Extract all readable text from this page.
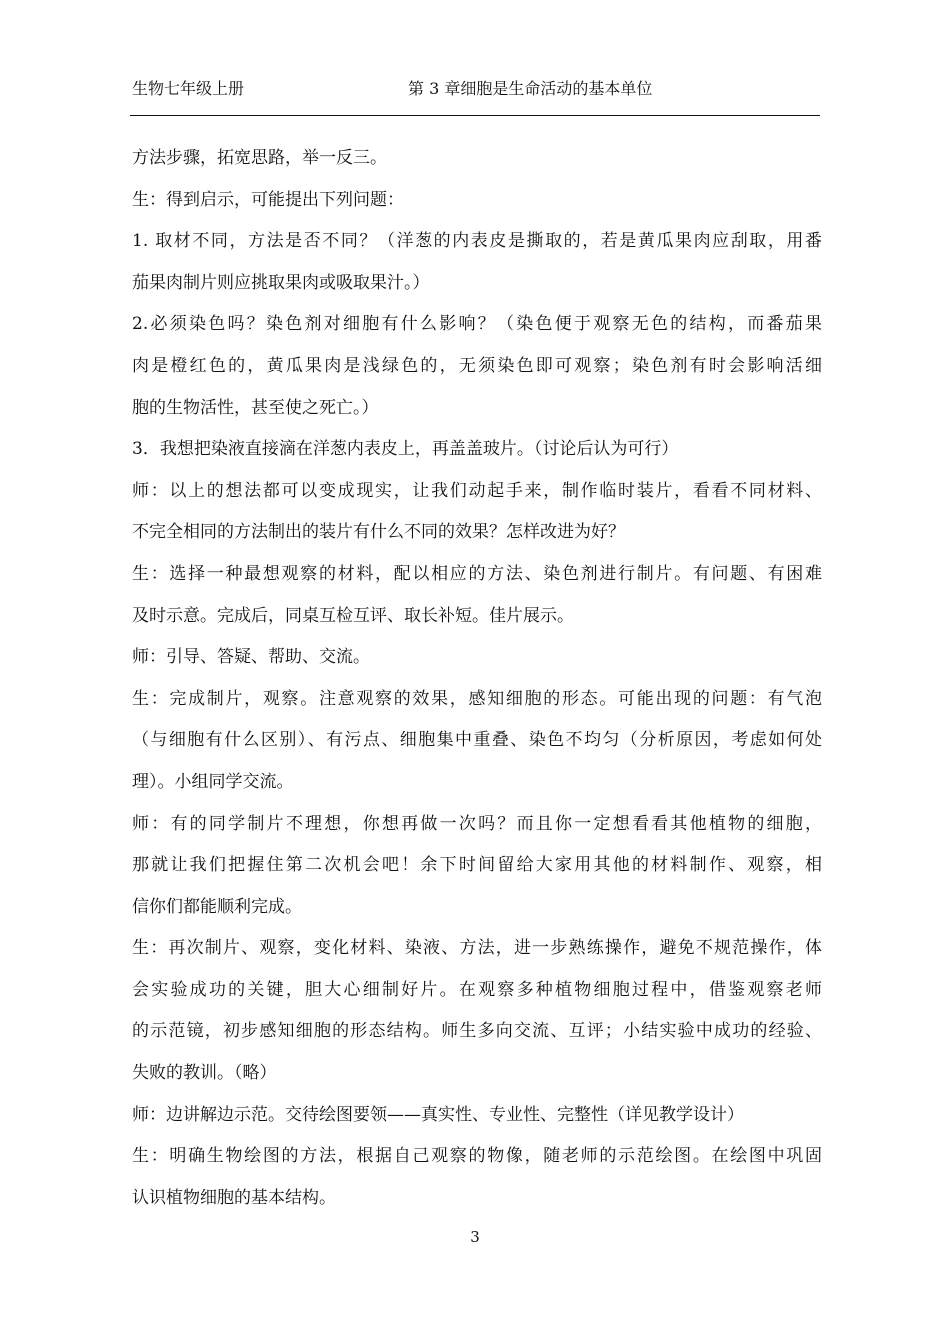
生物七年级上册	第 3 章细胞是生命活动的基本单位
方法步骤，拓宽思路，举一反三。
生：得到启示，可能提出下列问题：
1. 取材不同，方法是否不同？（洋葱的内表皮是撕取的，若是黄瓜果肉应刮取，用番
茄果肉制片则应挑取果肉或吸取果汁。）
2.必须染色吗？染色剂对细胞有什么影响？（染色便于观察无色的结构，而番茄果
肉是橙红色的，黄瓜果肉是浅绿色的，无须染色即可观察；染色剂有时会影响活细
胞的生物活性，甚至使之死亡。）
3．我想把染液直接滴在洋葱内表皮上，再盖盖玻片。（讨论后认为可行）
师：以上的想法都可以变成现实，让我们动起手来，制作临时装片，看看不同材料、
不完全相同的方法制出的装片有什么不同的效果？怎样改进为好？
生：选择一种最想观察的材料，配以相应的方法、染色剂进行制片。有问题、有困难
及时示意。完成后，同桌互检互评、取长补短。佳片展示。
师：引导、答疑、帮助、交流。
生：完成制片，观察。注意观察的效果，感知细胞的形态。可能出现的问题：有气泡
（与细胞有什么区别）、有污点、细胞集中重叠、染色不均匀（分析原因，考虑如何处
理）。小组同学交流。
师：有的同学制片不理想，你想再做一次吗？而且你一定想看看其他植物的细胞，
那就让我们把握住第二次机会吧！余下时间留给大家用其他的材料制作、观察，相
信你们都能顺利完成。
生：再次制片、观察，变化材料、染液、方法，进一步熟练操作，避免不规范操作，体
会实验成功的关键，胆大心细制好片。在观察多种植物细胞过程中，借鉴观察老师
的示范镜，初步感知细胞的形态结构。师生多向交流、互评；小结实验中成功的经验、
失败的教训。（略）
师：边讲解边示范。交待绘图要领——真实性、专业性、完整性（详见教学设计）
生：明确生物绘图的方法，根据自己观察的物像，随老师的示范绘图。在绘图中巩固
认识植物细胞的基本结构。
3
